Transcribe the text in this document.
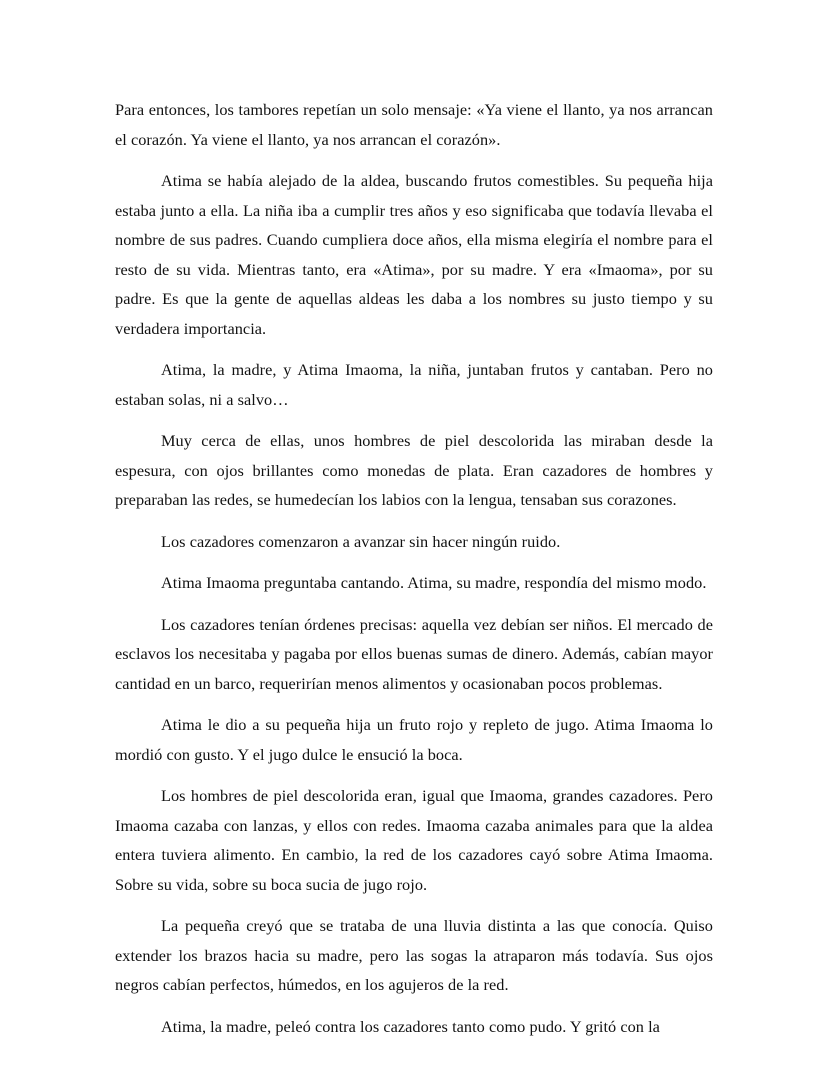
Para entonces, los tambores repetían un solo mensaje: «Ya viene el llanto, ya nos arrancan el corazón. Ya viene el llanto, ya nos arrancan el corazón».

Atima se había alejado de la aldea, buscando frutos comestibles. Su pequeña hija estaba junto a ella. La niña iba a cumplir tres años y eso significaba que todavía llevaba el nombre de sus padres. Cuando cumpliera doce años, ella misma elegiría el nombre para el resto de su vida. Mientras tanto, era «Atima», por su madre. Y era «Imaoma», por su padre. Es que la gente de aquellas aldeas les daba a los nombres su justo tiempo y su verdadera importancia.

Atima, la madre, y Atima Imaoma, la niña, juntaban frutos y cantaban. Pero no estaban solas, ni a salvo…

Muy cerca de ellas, unos hombres de piel descolorida las miraban desde la espesura, con ojos brillantes como monedas de plata. Eran cazadores de hombres y preparaban las redes, se humedecían los labios con la lengua, tensaban sus corazones.

Los cazadores comenzaron a avanzar sin hacer ningún ruido.

Atima Imaoma preguntaba cantando. Atima, su madre, respondía del mismo modo.

Los cazadores tenían órdenes precisas: aquella vez debían ser niños. El mercado de esclavos los necesitaba y pagaba por ellos buenas sumas de dinero. Además, cabían mayor cantidad en un barco, requerirían menos alimentos y ocasionaban pocos problemas.

Atima le dio a su pequeña hija un fruto rojo y repleto de jugo. Atima Imaoma lo mordió con gusto. Y el jugo dulce le ensució la boca.

Los hombres de piel descolorida eran, igual que Imaoma, grandes cazadores. Pero Imaoma cazaba con lanzas, y ellos con redes. Imaoma cazaba animales para que la aldea entera tuviera alimento. En cambio, la red de los cazadores cayó sobre Atima Imaoma. Sobre su vida, sobre su boca sucia de jugo rojo.

La pequeña creyó que se trataba de una lluvia distinta a las que conocía. Quiso extender los brazos hacia su madre, pero las sogas la atraparon más todavía. Sus ojos negros cabían perfectos, húmedos, en los agujeros de la red.

Atima, la madre, peleó contra los cazadores tanto como pudo. Y gritó con la
